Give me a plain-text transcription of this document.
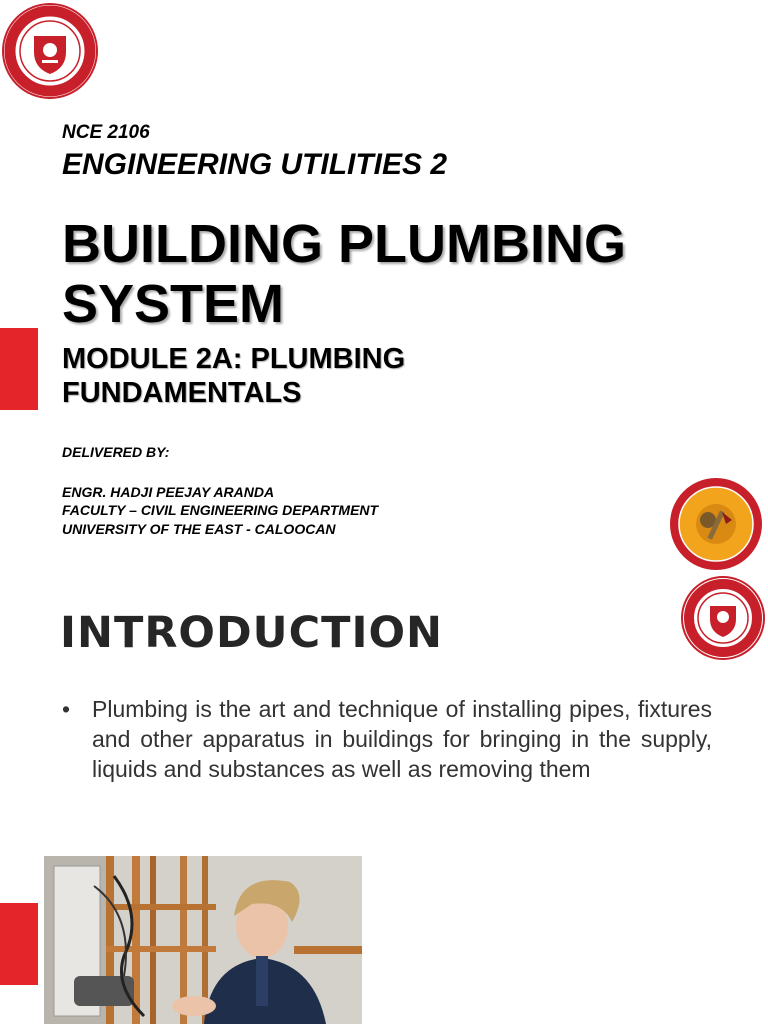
NCE 2106
ENGINEERING UTILITIES 2
BUILDING PLUMBING
SYSTEM
MODULE 2A: PLUMBING
FUNDAMENTALS
DELIVERED BY:
ENGR. HADJI PEEJAY ARANDA
FACULTY – CIVIL ENGINEERING DEPARTMENT
UNIVERSITY OF THE EAST - CALOOCAN
INTRODUCTION
• Plumbing is the art and technique of installing pipes, fixtures and other apparatus in buildings for bringing in the supply, liquids and substances as well as removing them
